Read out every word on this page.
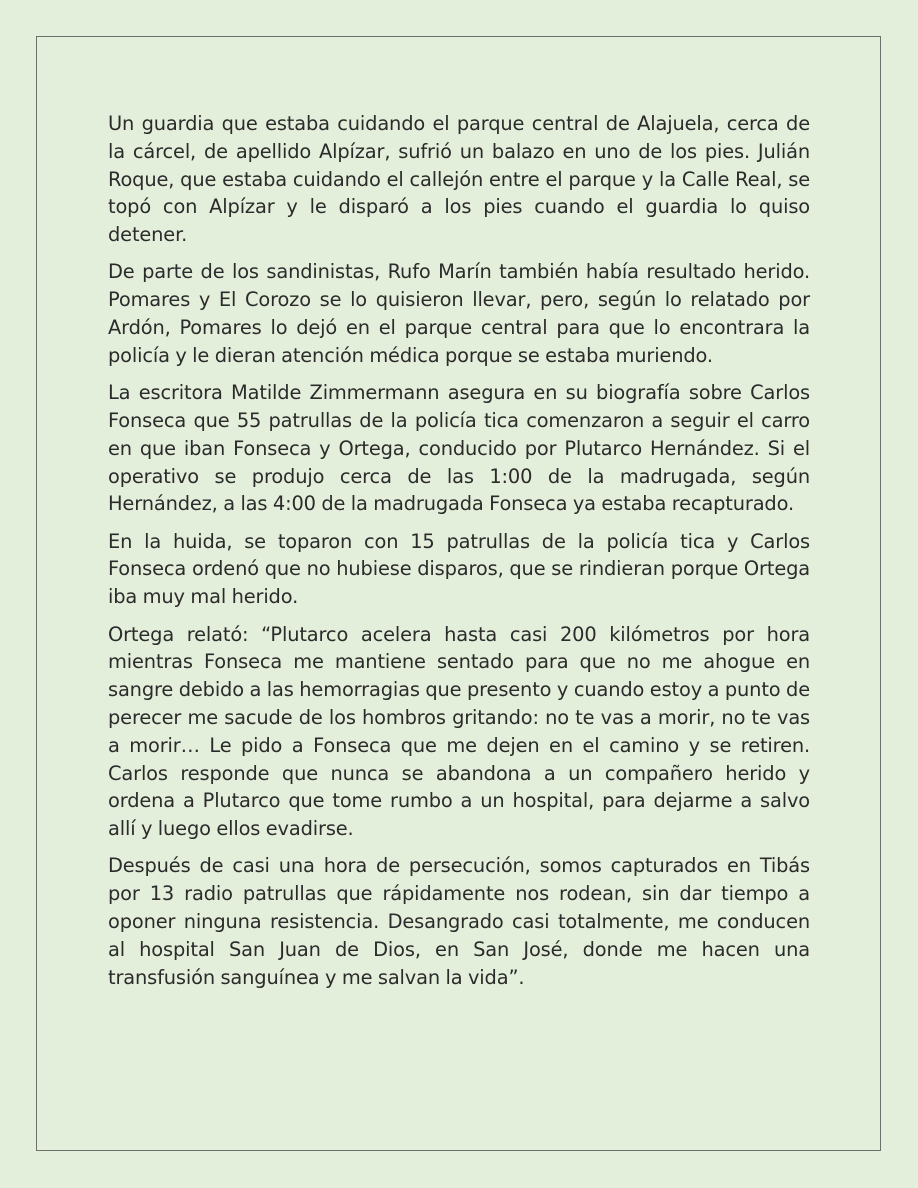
Un guardia que estaba cuidando el parque central de Alajuela, cerca de la cárcel, de apellido Alpízar, sufrió un balazo en uno de los pies. Julián Roque, que estaba cuidando el callejón entre el parque y la Calle Real, se topó con Alpízar y le disparó a los pies cuando el guardia lo quiso detener.

De parte de los sandinistas, Rufo Marín también había resultado herido. Pomares y El Corozo se lo quisieron llevar, pero, según lo relatado por Ardón, Pomares lo dejó en el parque central para que lo encontrara la policía y le dieran atención médica porque se estaba muriendo.

La escritora Matilde Zimmermann asegura en su biografía sobre Carlos Fonseca que 55 patrullas de la policía tica comenzaron a seguir el carro en que iban Fonseca y Ortega, conducido por Plutarco Hernández. Si el operativo se produjo cerca de las 1:00 de la madrugada, según Hernández, a las 4:00 de la madrugada Fonseca ya estaba recapturado.

En la huida, se toparon con 15 patrullas de la policía tica y Carlos Fonseca ordenó que no hubiese disparos, que se rindieran porque Ortega iba muy mal herido.

Ortega relató: “Plutarco acelera hasta casi 200 kilómetros por hora mientras Fonseca me mantiene sentado para que no me ahogue en sangre debido a las hemorragias que presento y cuando estoy a punto de perecer me sacude de los hombros gritando: no te vas a morir, no te vas a morir… Le pido a Fonseca que me dejen en el camino y se retiren. Carlos responde que nunca se abandona a un compañero herido y ordena a Plutarco que tome rumbo a un hospital, para dejarme a salvo allí y luego ellos evadirse.

Después de casi una hora de persecución, somos capturados en Tibás por 13 radio patrullas que rápidamente nos rodean, sin dar tiempo a oponer ninguna resistencia. Desangrado casi totalmente, me conducen al hospital San Juan de Dios, en San José, donde me hacen una transfusión sanguínea y me salvan la vida”.
